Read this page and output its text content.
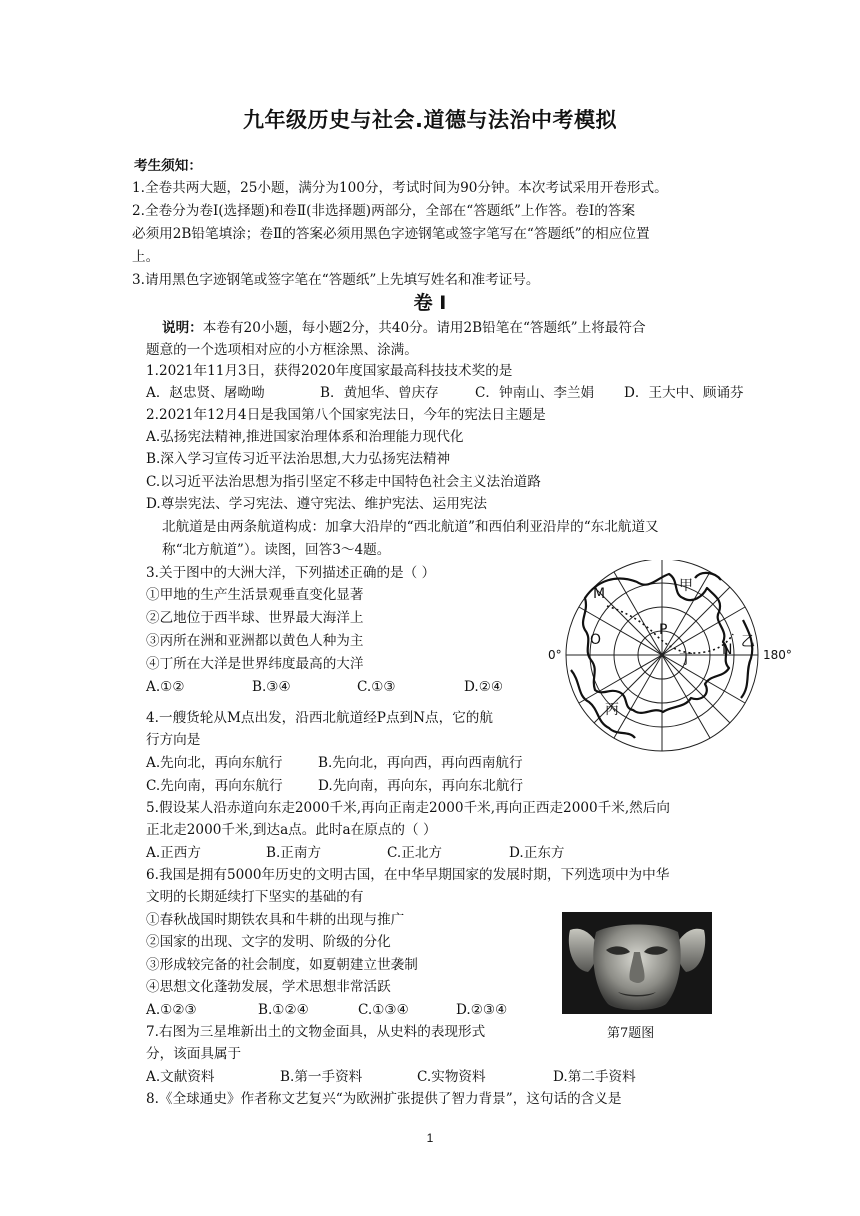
九年级历史与社会.道德与法治中考模拟
考生须知：
1.全卷共两大题，25小题，满分为100分，考试时间为90分钟。本次考试采用开卷形式。
2.全卷分为卷Ⅰ(选择题)和卷Ⅱ(非选择题)两部分，全部在“答题纸”上作答。卷Ⅰ的答案
必须用2B铅笔填涂；卷Ⅱ的答案必须用黑色字迹钢笔或签字笔写在“答题纸”的相应位置
上。
3.请用黑色字迹钢笔或签字笔在“答题纸”上先填写姓名和准考证号。
卷 Ⅰ
说明：本卷有20小题，每小题2分，共40分。请用2B铅笔在“答题纸”上将最符合
题意的一个选项相对应的小方框涂黑、涂满。
1.2021年11月3日，获得2020年度国家最高科技技术奖的是
A．赵忠贤、屠呦呦	B．黄旭华、曾庆存	C．钟南山、李兰娟 D．王大中、顾诵芬
2.2021年12月4日是我国第八个国家宪法日，今年的宪法日主题是
A.弘扬宪法精神,推进国家治理体系和治理能力现代化
B.深入学习宣传习近平法治思想,大力弘扬宪法精神
C.以习近平法治思想为指引坚定不移走中国特色社会主义法治道路
D.尊崇宪法、学习宪法、遵守宪法、维护宪法、运用宪法
北航道是由两条航道构成：加拿大沿岸的“西北航道”和西伯利亚沿岸的“东北航道又
称“北方航道”）。读图，回答3～4题。
3.关于图中的大洲大洋，下列描述正确的是（ ）
①甲地的生产生活景观垂直变化显著
②乙地位于西半球、世界最大海洋上
③丙所在洲和亚洲都以黄色人种为主
④丁所在大洋是世界纬度最高的大洋
A.①②	B.③④	C.①③	D.②④
M	甲
P
O
丁
N 乙
丙
0°	180°
4.一艘货轮从M点出发，沿西北航道经P点到N点，它的航
行方向是
A.先向北，再向东航行	B.先向北，再向西，再向西南航行
C.先向南，再向东航行	D.先向南，再向东，再向东北航行
5.假设某人沿赤道向东走2000千米,再向正南走2000千米,再向正西走2000千米,然后向
正北走2000千米,到达a点。此时a在原点的（ ）
A.正西方	B.正南方	C.正北方	D.正东方
6.我国是拥有5000年历史的文明古国，在中华早期国家的发展时期，下列选项中为中华
文明的长期延续打下坚实的基础的有
①春秋战国时期铁农具和牛耕的出现与推广
②国家的出现、文字的发明、阶级的分化
③形成较完备的社会制度，如夏朝建立世袭制
④思想文化蓬勃发展，学术思想非常活跃
A.①②③	B.①②④	C.①③④	D.②③④
第7题图
7.右图为三星堆新出土的文物金面具，从史料的表现形式
分，该面具属于
A.文献资料	B.第一手资料	C.实物资料	D.第二手资料
8.《全球通史》作者称文艺复兴“为欧洲扩张提供了智力背景”，这句话的含义是
1
